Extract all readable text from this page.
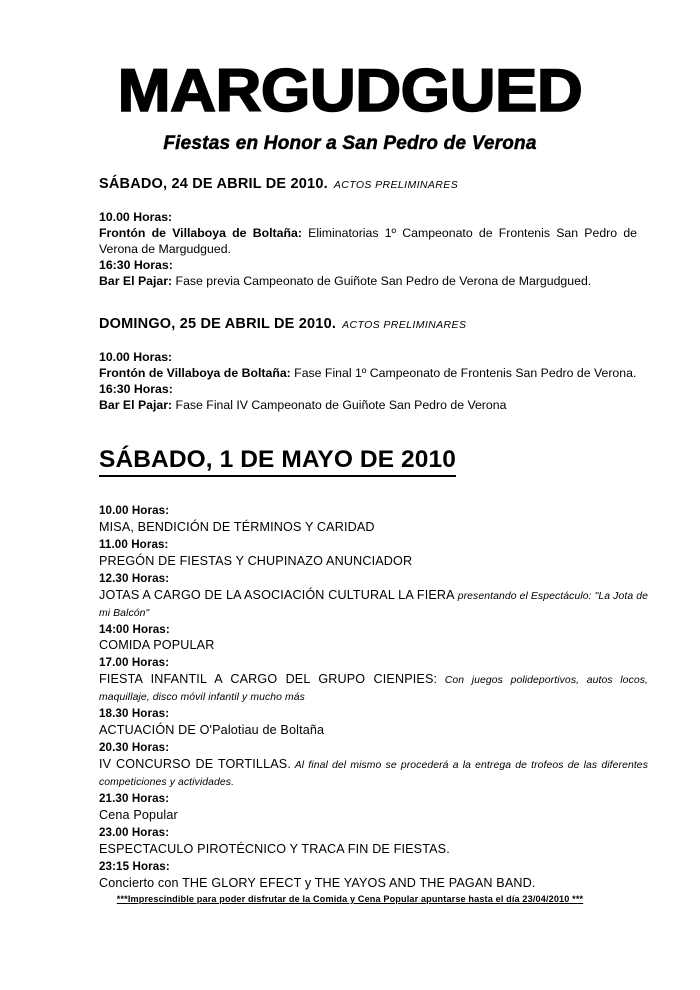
MARGUDGUED
Fiestas en Honor a San Pedro de Verona
SÁBADO, 24 DE ABRIL DE 2010. ACTOS PRELIMINARES

10.00 Horas:

Frontón de Villaboya de Boltaña: Eliminatorias 1º Campeonato de Frontenis San Pedro de Verona de Margudgued.

16:30 Horas:

Bar El Pajar: Fase previa Campeonato de Guiñote San Pedro de Verona de Margudgued.

DOMINGO, 25 DE ABRIL DE 2010. ACTOS PRELIMINARES

10.00 Horas:

Frontón de Villaboya de Boltaña: Fase Final 1º Campeonato de Frontenis San Pedro de Verona.

16:30 Horas:

Bar El Pajar: Fase Final IV Campeonato de Guiñote San Pedro de Verona

SÁBADO, 1 DE MAYO DE 2010

10.00 Horas:

MISA, BENDICIÓN DE TÉRMINOS Y CARIDAD

11.00 Horas:

PREGÓN DE FIESTAS Y CHUPINAZO ANUNCIADOR

12.30 Horas:

JOTAS A CARGO DE LA ASOCIACIÓN CULTURAL LA FIERA presentando el Espectáculo: "La Jota de mi Balcón"

14:00 Horas:

COMIDA POPULAR

17.00 Horas:

FIESTA INFANTIL A CARGO DEL GRUPO CIENPIES: Con juegos polideportivos, autos locos, maquillaje, disco móvil infantil y mucho más

18.30 Horas:

ACTUACIÓN DE O'Palotiau de Boltaña

20.30 Horas:

IV CONCURSO DE TORTILLAS. Al final del mismo se procederá a la entrega de trofeos de las diferentes competiciones y actividades.

21.30 Horas:

Cena Popular

23.00 Horas:

ESPECTACULO PIROTÉCNICO Y TRACA FIN DE FIESTAS.

23:15 Horas:

Concierto con THE GLORY EFECT y THE YAYOS AND THE PAGAN BAND.

***Imprescindible para poder disfrutar de la Comida y Cena Popular apuntarse hasta el día 23/04/2010 ***
